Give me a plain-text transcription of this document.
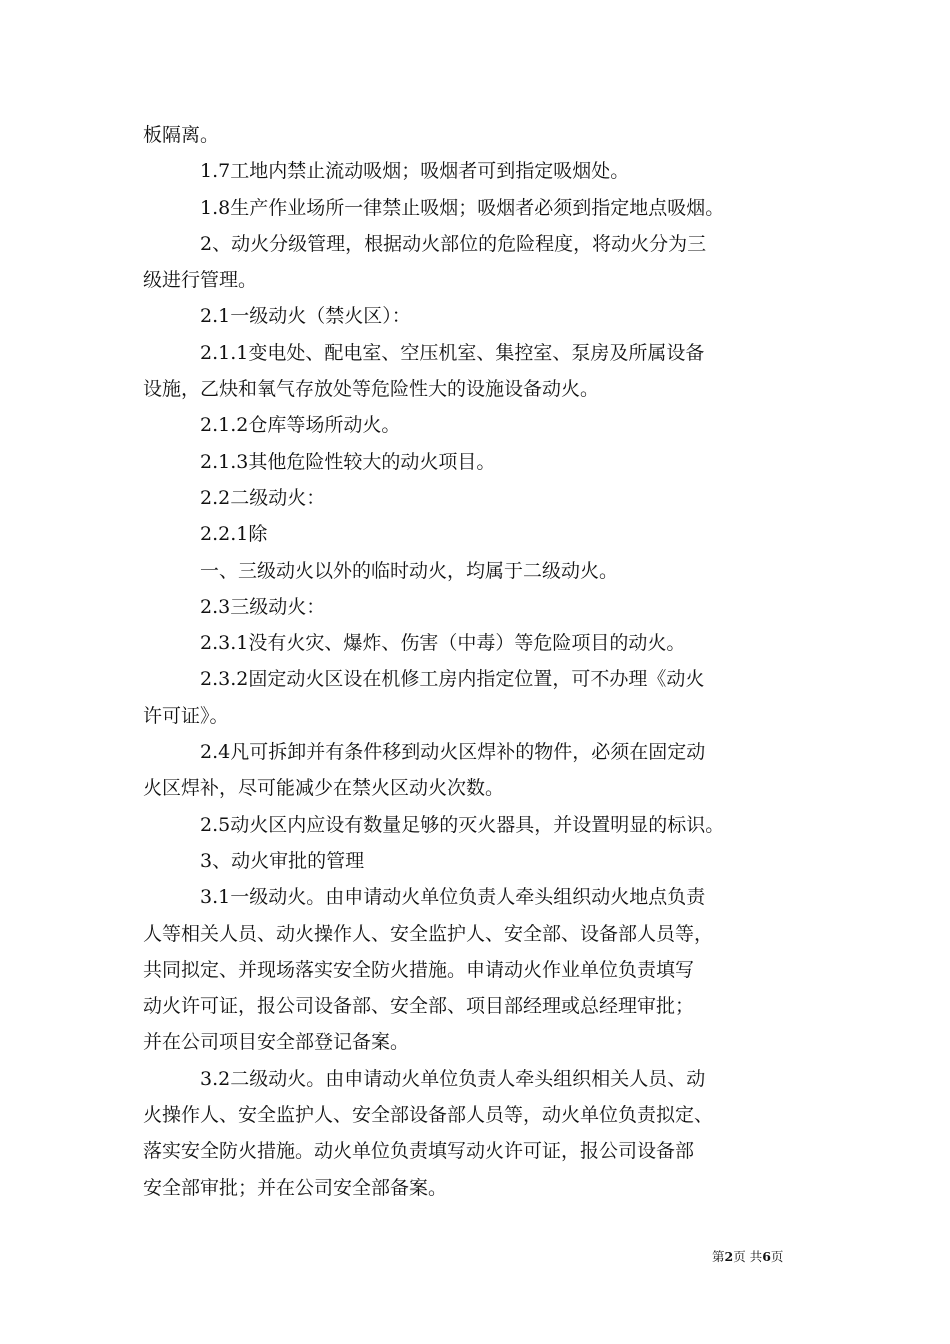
板隔离。
1.7工地内禁止流动吸烟；吸烟者可到指定吸烟处。
1.8生产作业场所一律禁止吸烟；吸烟者必须到指定地点吸烟。
2、动火分级管理，根据动火部位的危险程度，将动火分为三
级进行管理。
2.1一级动火（禁火区）：
2.1.1变电处、配电室、空压机室、集控室、泵房及所属设备
设施，乙炔和氧气存放处等危险性大的设施设备动火。
2.1.2仓库等场所动火。
2.1.3其他危险性较大的动火项目。
2.2二级动火：
2.2.1除
一、三级动火以外的临时动火，均属于二级动火。
2.3三级动火：
2.3.1没有火灾、爆炸、伤害（中毒）等危险项目的动火。
2.3.2固定动火区设在机修工房内指定位置，可不办理《动火
许可证》。
2.4凡可拆卸并有条件移到动火区焊补的物件，必须在固定动
火区焊补，尽可能减少在禁火区动火次数。
2.5动火区内应设有数量足够的灭火器具，并设置明显的标识。
3、动火审批的管理
3.1一级动火。由申请动火单位负责人牵头组织动火地点负责
人等相关人员、动火操作人、安全监护人、安全部、设备部人员等，
共同拟定、并现场落实安全防火措施。申请动火作业单位负责填写
动火许可证，报公司设备部、安全部、项目部经理或总经理审批；
并在公司项目安全部登记备案。
3.2二级动火。由申请动火单位负责人牵头组织相关人员、动
火操作人、安全监护人、安全部设备部人员等，动火单位负责拟定、
落实安全防火措施。动火单位负责填写动火许可证，报公司设备部
安全部审批；并在公司安全部备案。
第2页 共6页
